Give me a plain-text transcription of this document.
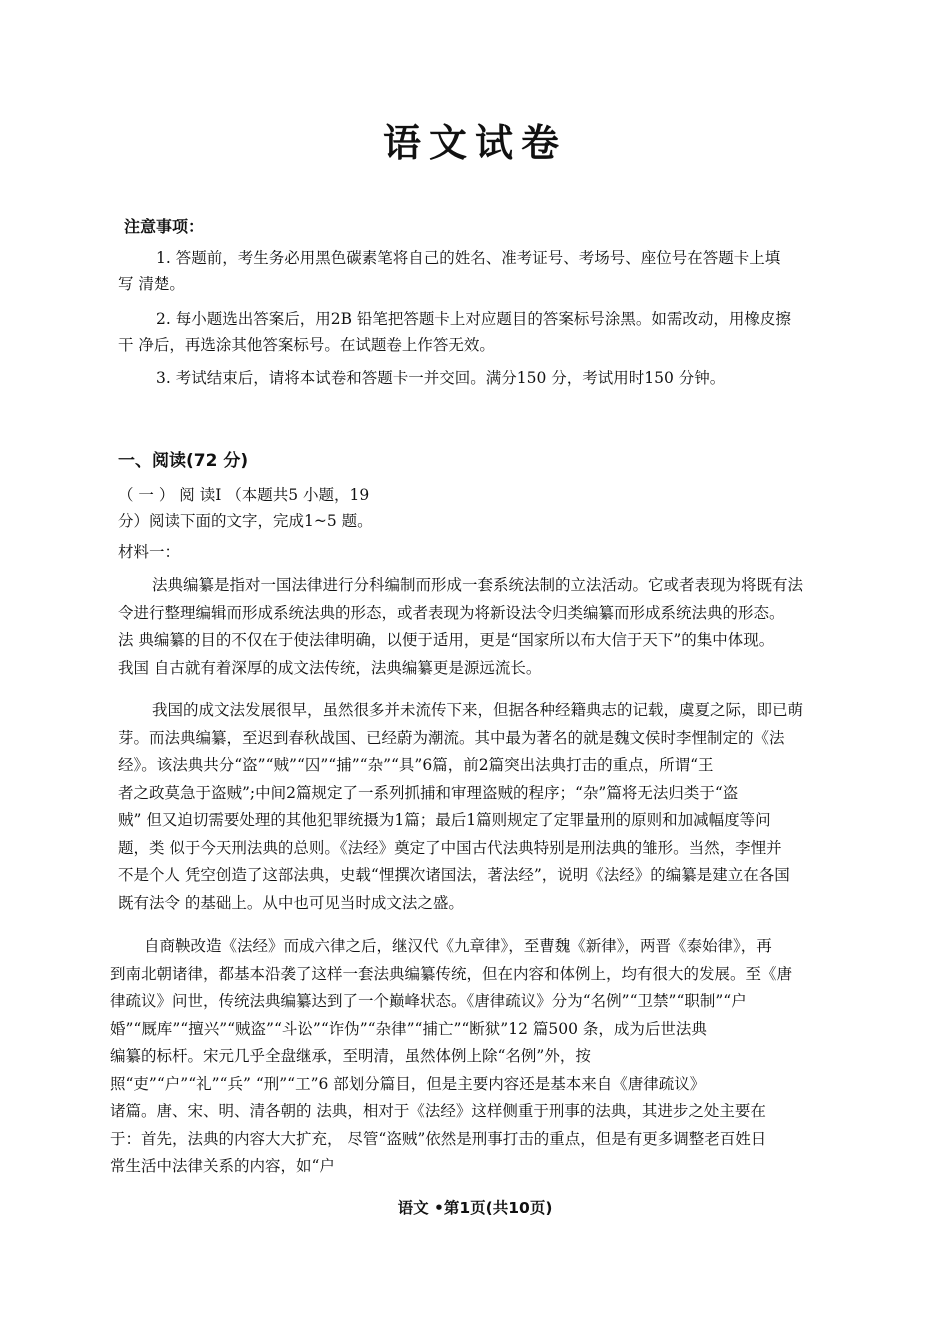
语文试卷
注意事项：
1. 答题前，考生务必用黑色碳素笔将自己的姓名、准考证号、考场号、座位号在答题卡上填
写 清楚。
2. 每小题选出答案后，用2B 铅笔把答题卡上对应题目的答案标号涂黑。如需改动，用橡皮擦
干 净后，再选涂其他答案标号。在试题卷上作答无效。
3. 考试结束后，请将本试卷和答题卡一并交回。满分150 分，考试用时150 分钟。
一、阅读(72 分)
（ 一 ） 阅 读Ⅰ （本题共5 小题，19
分）阅读下面的文字，完成1~5 题。
材料一：
法典编纂是指对一国法律进行分科编制而形成一套系统法制的立法活动。它或者表现为将既有法
令进行整理编辑而形成系统法典的形态，或者表现为将新设法令归类编纂而形成系统法典的形态。
法 典编纂的目的不仅在于使法律明确，以便于适用，更是“国家所以布大信于天下”的集中体现。
我国 自古就有着深厚的成文法传统，法典编纂更是源远流长。
我国的成文法发展很早，虽然很多并未流传下来，但据各种经籍典志的记载，虞夏之际，即已萌
芽。而法典编纂，至迟到春秋战国、已经蔚为潮流。其中最为著名的就是魏文侯时李悝制定的《法
经》。该法典共分“盗”“贼”“囚”“捕”“杂”“具”6篇，前2篇突出法典打击的重点，所谓“王
者之政莫急于盗贼”;中间2篇规定了一系列抓捕和审理盗贼的程序；“杂”篇将无法归类于“盗
贼” 但又迫切需要处理的其他犯罪统摄为1篇；最后1篇则规定了定罪量刑的原则和加减幅度等问
题，类 似于今天刑法典的总则。《法经》奠定了中国古代法典特别是刑法典的雏形。当然，李悝并
不是个人 凭空创造了这部法典，史载“悝撰次诸国法，著法经”，说明《法经》的编纂是建立在各国
既有法令 的基础上。从中也可见当时成文法之盛。
自商鞅改造《法经》而成六律之后，继汉代《九章律》，至曹魏《新律》，两晋《泰始律》，再
到南北朝诸律，都基本沿袭了这样一套法典编纂传统，但在内容和体例上，均有很大的发展。至《唐
律疏议》问世，传统法典编纂达到了一个巅峰状态。《唐律疏议》分为“名例”“卫禁”“职制”“户
婚”“厩库”“擅兴”“贼盗”“斗讼”“诈伪”“杂律”“捕亡”“断狱”12 篇500 条，成为后世法典
编纂的标杆。宋元几乎全盘继承，至明清，虽然体例上除“名例”外，按
照“吏”“户”“礼”“兵” “刑”“工”6 部划分篇目，但是主要内容还是基本来自《唐律疏议》
诸篇。唐、宋、明、清各朝的 法典，相对于《法经》这样侧重于刑事的法典，其进步之处主要在
于：首先，法典的内容大大扩充， 尽管“盗贼”依然是刑事打击的重点，但是有更多调整老百姓日
常生活中法律关系的内容，如“户
语文 •第1页(共10页)
